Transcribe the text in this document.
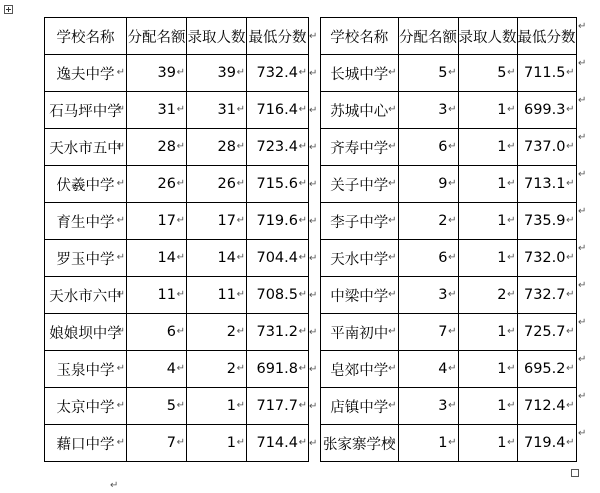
学校名称	分配名额	录取人数	最低分数 ↵
逸夫中学 ↵	39 ↵	39 ↵	732.4 ↵
石马坪中学 ↵	31 ↵	31 ↵	716.4 ↵
天水市五中 ↵	28 ↵	28 ↵	723.4 ↵
伏羲中学 ↵	26 ↵	26 ↵	715.6 ↵
育生中学 ↵	17 ↵	17 ↵	719.6 ↵
罗玉中学 ↵	14 ↵	14 ↵	704.4 ↵
天水市六中 ↵	11 ↵	11 ↵	708.5 ↵
娘娘坝中学 ↵	6 ↵	2 ↵	731.2 ↵
玉泉中学 ↵	4 ↵	2 ↵	691.8 ↵
太京中学 ↵	5 ↵	1 ↵	717.7 ↵
藉口中学 ↵	7 ↵	1 ↵	714.4 ↵
学校名称	分配名额	录取人数	最低分数 ↵
长城中学 ↵	5 ↵	5 ↵	711.5 ↵
苏城中心 ↵	3 ↵	1 ↵	699.3 ↵
齐寿中学 ↵	6 ↵	1 ↵	737.0 ↵
关子中学 ↵	9 ↵	1 ↵	713.1 ↵
李子中学 ↵	2 ↵	1 ↵	735.9 ↵
天水中学 ↵	6 ↵	1 ↵	732.0 ↵
中梁中学 ↵	3 ↵	2 ↵	732.7 ↵
平南初中 ↵	7 ↵	1 ↵	725.7 ↵
皂郊中学 ↵	4 ↵	1 ↵	695.2 ↵
店镇中学 ↵	3 ↵	1 ↵	712.4 ↵
张家寨学校 ↵	1 ↵	1 ↵	719.4 ↵
↵
↵
↵
↵
↵
↵
↵
↵
↵
↵
↵
↵
↵
↵
↵
↵
↵
↵
↵
↵
↵
↵
↵
↵
↵
